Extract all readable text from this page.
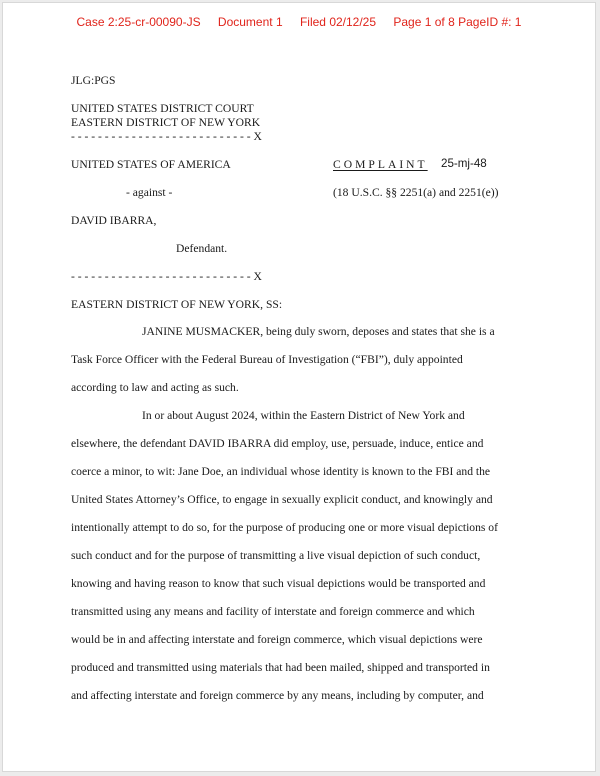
Case 2:25-cr-00090-JS Document 1 Filed 02/12/25 Page 1 of 8 PageID #: 1
JLG:PGS
UNITED STATES DISTRICT COURT
EASTERN DISTRICT OF NEW YORK
- - - - - - - - - - - - - - - - - - - - - - - - - - - X
UNITED STATES OF AMERICA	COMPLAINT 25-mj-48
- against -	(18 U.S.C. §§ 2251(a) and 2251(e))
DAVID IBARRA,
Defendant.
- - - - - - - - - - - - - - - - - - - - - - - - - - - X
EASTERN DISTRICT OF NEW YORK, SS:
JANINE MUSMACKER, being duly sworn, deposes and states that she is a
Task Force Officer with the Federal Bureau of Investigation (“FBI”), duly appointed
according to law and acting as such.
In or about August 2024, within the Eastern District of New York and
elsewhere, the defendant DAVID IBARRA did employ, use, persuade, induce, entice and
coerce a minor, to wit: Jane Doe, an individual whose identity is known to the FBI and the
United States Attorney’s Office, to engage in sexually explicit conduct, and knowingly and
intentionally attempt to do so, for the purpose of producing one or more visual depictions of
such conduct and for the purpose of transmitting a live visual depiction of such conduct,
knowing and having reason to know that such visual depictions would be transported and
transmitted using any means and facility of interstate and foreign commerce and which
would be in and affecting interstate and foreign commerce, which visual depictions were
produced and transmitted using materials that had been mailed, shipped and transported in
and affecting interstate and foreign commerce by any means, including by computer, and
